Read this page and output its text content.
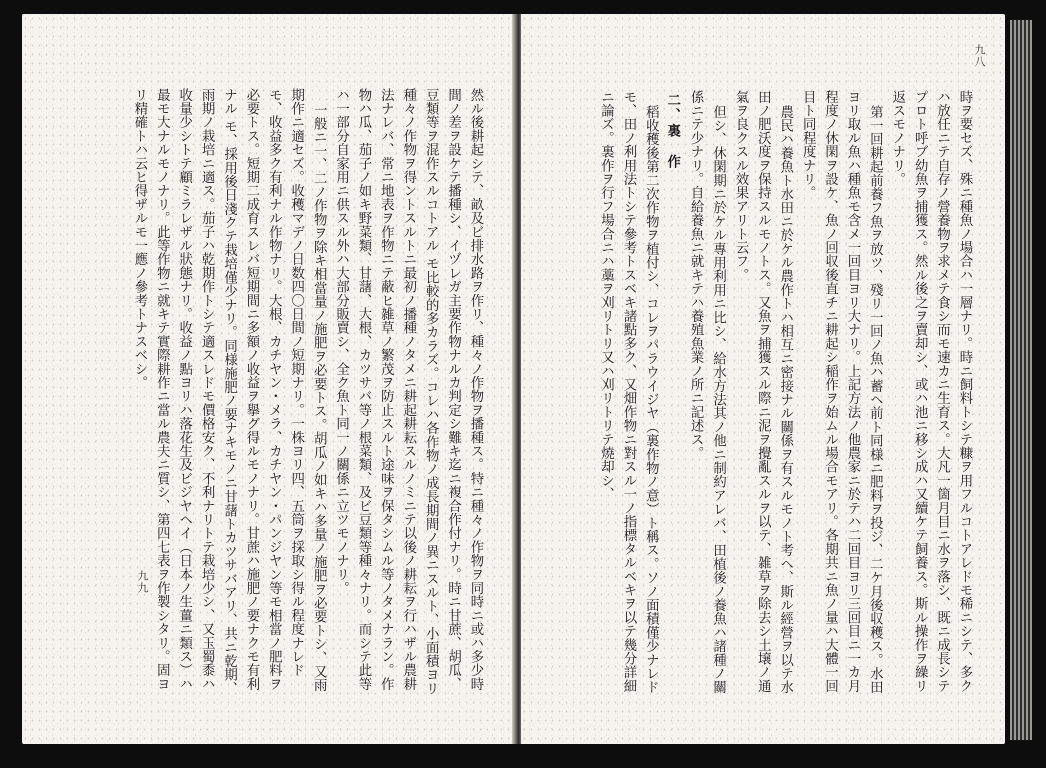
然ル後耕起シテ、畝及ビ排水路ヲ作リ、種々ノ作物ヲ播種ス。特ニ種々ノ作物ヲ同時ニ或ハ多少時間ノ差ヲ設ケテ播種シ、イヅレガ主要作物ナルカ判定シ難キ迄ニ複合作付ナリ。時ニ甘蔗、胡瓜、豆類等ヲ混作スルコトアル モ比較的多カラズ。コレハ各作物ノ成長期間ノ異ニスルト、小面積ヨリ種々ノ作物ヲ得ントスルトニ最初ノ播種ノタメニ耕起耕耘スルノミニテ以後ノ耕耘ヲ行ハザル農耕法ナレバ、常ニ地表ヲ作物ニテ蔽ヒ雑草ノ繁茂ヲ防止スルト途味ヲ保タシムル等ノタメナラン。作物ハ瓜、茄子ノ如キ野菜類、甘藷、大根、カツサバ等ノ根菜類、及ビ豆類等種々ナリ。而シテ此等ハ一部分自家用ニ供スル外ハ大部分販賣シ、全ク魚ト同一ノ關係ニ立ツモノナリ。

一般ニ一、二ノ作物ヲ除キ相當量ノ施肥ヲ必要トス。胡瓜ノ如キハ多量ノ施肥ヲ必要トシ、又雨期作ニ適セズ。收穫マデノ日数四〇日間ノ短期ナリ。一株ヨリ四、五筒ヲ採取シ得ル程度ナレドモ、收益多ク有利ナル作物ナリ。大根、カチヤン・メラ、カチヤン・パンジヤン等モ相當ノ肥料ヲ必要トス。短期二成育スレバ短期間ニ多額ノ收益ヲ擧グ得ルモノナリ。甘蔗ハ施肥ノ要ナクモ有利ナル モ、採用後日淺クテ栽培僅少ナリ。同様施肥ノ要ナキモノニ甘藷トカツサバアリ、共ニ乾期、雨期ノ栽培ニ適ス。茄子ハ乾期作トシテ適スレドモ價格安ク、不利ナリトテ栽培少シ、又玉蜀黍ハ收量少シトテ顧ミラレザル狀態ナリ。收益ノ點ヨリハ落花生及ビジヤヘイ（日本ノ生薑ニ類ス）ハ最モ大ナルモノナリ。此等作物ニ就キテ實際耕作ニ當ル農夫ニ質シ、第四七表ヲ作製シタリ。固ヨリ精確トハ云ヒ得ザルモ一應ノ參考トナスベシ。

九九
九八

時ヲ要セズ、殊ニ種魚ノ場合ハ一層ナリ。時ニ飼料トシテ糠ヲ用フルコトアレドモ稀ニシテ、多クハ放任ニテ自存ノ營養物ヲ求メテ食シ而モ速カニ生育ス。大凡一箇月目ニ水ヲ落シ、既ニ成長シテプロト呼ブ幼魚ヲ捕獲ス。然ル後之ヲ賣却シ、或ハ池ニ移シ成ハ又續ケテ飼養ス。斯ル操作ヲ繰リ返スモノナリ。

第一回耕起前養フ魚ヲ放ツ、殘リ一回ノ魚ハ蓄ヘ前ト同様ニ肥料ヲ投ジ、二ケ月後収穫ス。水田ヨリ取ル魚ハ種魚モ含メ一回目ヨリ大ナリ。上記方法ノ他農家ニ於テハ二回目ヨリ三回目ニ一カ月程度ノ休閑ヲ設ケ、魚ノ回収後直チニ耕起シ稲作ヲ始ムル場合モアリ。各期共ニ魚ノ量ハ大體一回目ト同程度ナリ。

農民ハ養魚ト水田ニ於ケル農作トハ相互ニ密接ナル關係ヲ有スルモノト考ヘ、斯ル經營ヲ以テ水田ノ肥沃度ヲ保持スルモノトス。又魚ヲ捕獲スル際ニ泥ヲ攪亂スルヲ以テ、雑草ヲ除去シ土壌ノ通氣ヲ良クスル效果アリト云フ。

但シ、休閑期ニ於ケル專用利用ニ比シ、給水方法其ノ他ニ制約アレバ、田植後ノ養魚ハ諸種ノ關係ニテ少ナリ。自給養魚ニ就キテハ養殖魚業ノ所ニ記述ス。

二、裏　作

稻收穫後第二次作物ヲ植付シ、コレヲパラウイジヤ（裏作物ノ意）ト稱ス。ソノ面積僅少ナレドモ、田ノ利用法トシテ參考トスベキ諸點多ク、又畑作物ニ對スル一ノ指標タルベキヲ以テ幾分詳細ニ論ズ。裏作ヲ行フ場合ニハ藁ヲ刈リトリ又ハ刈リトリテ燒却シ、
